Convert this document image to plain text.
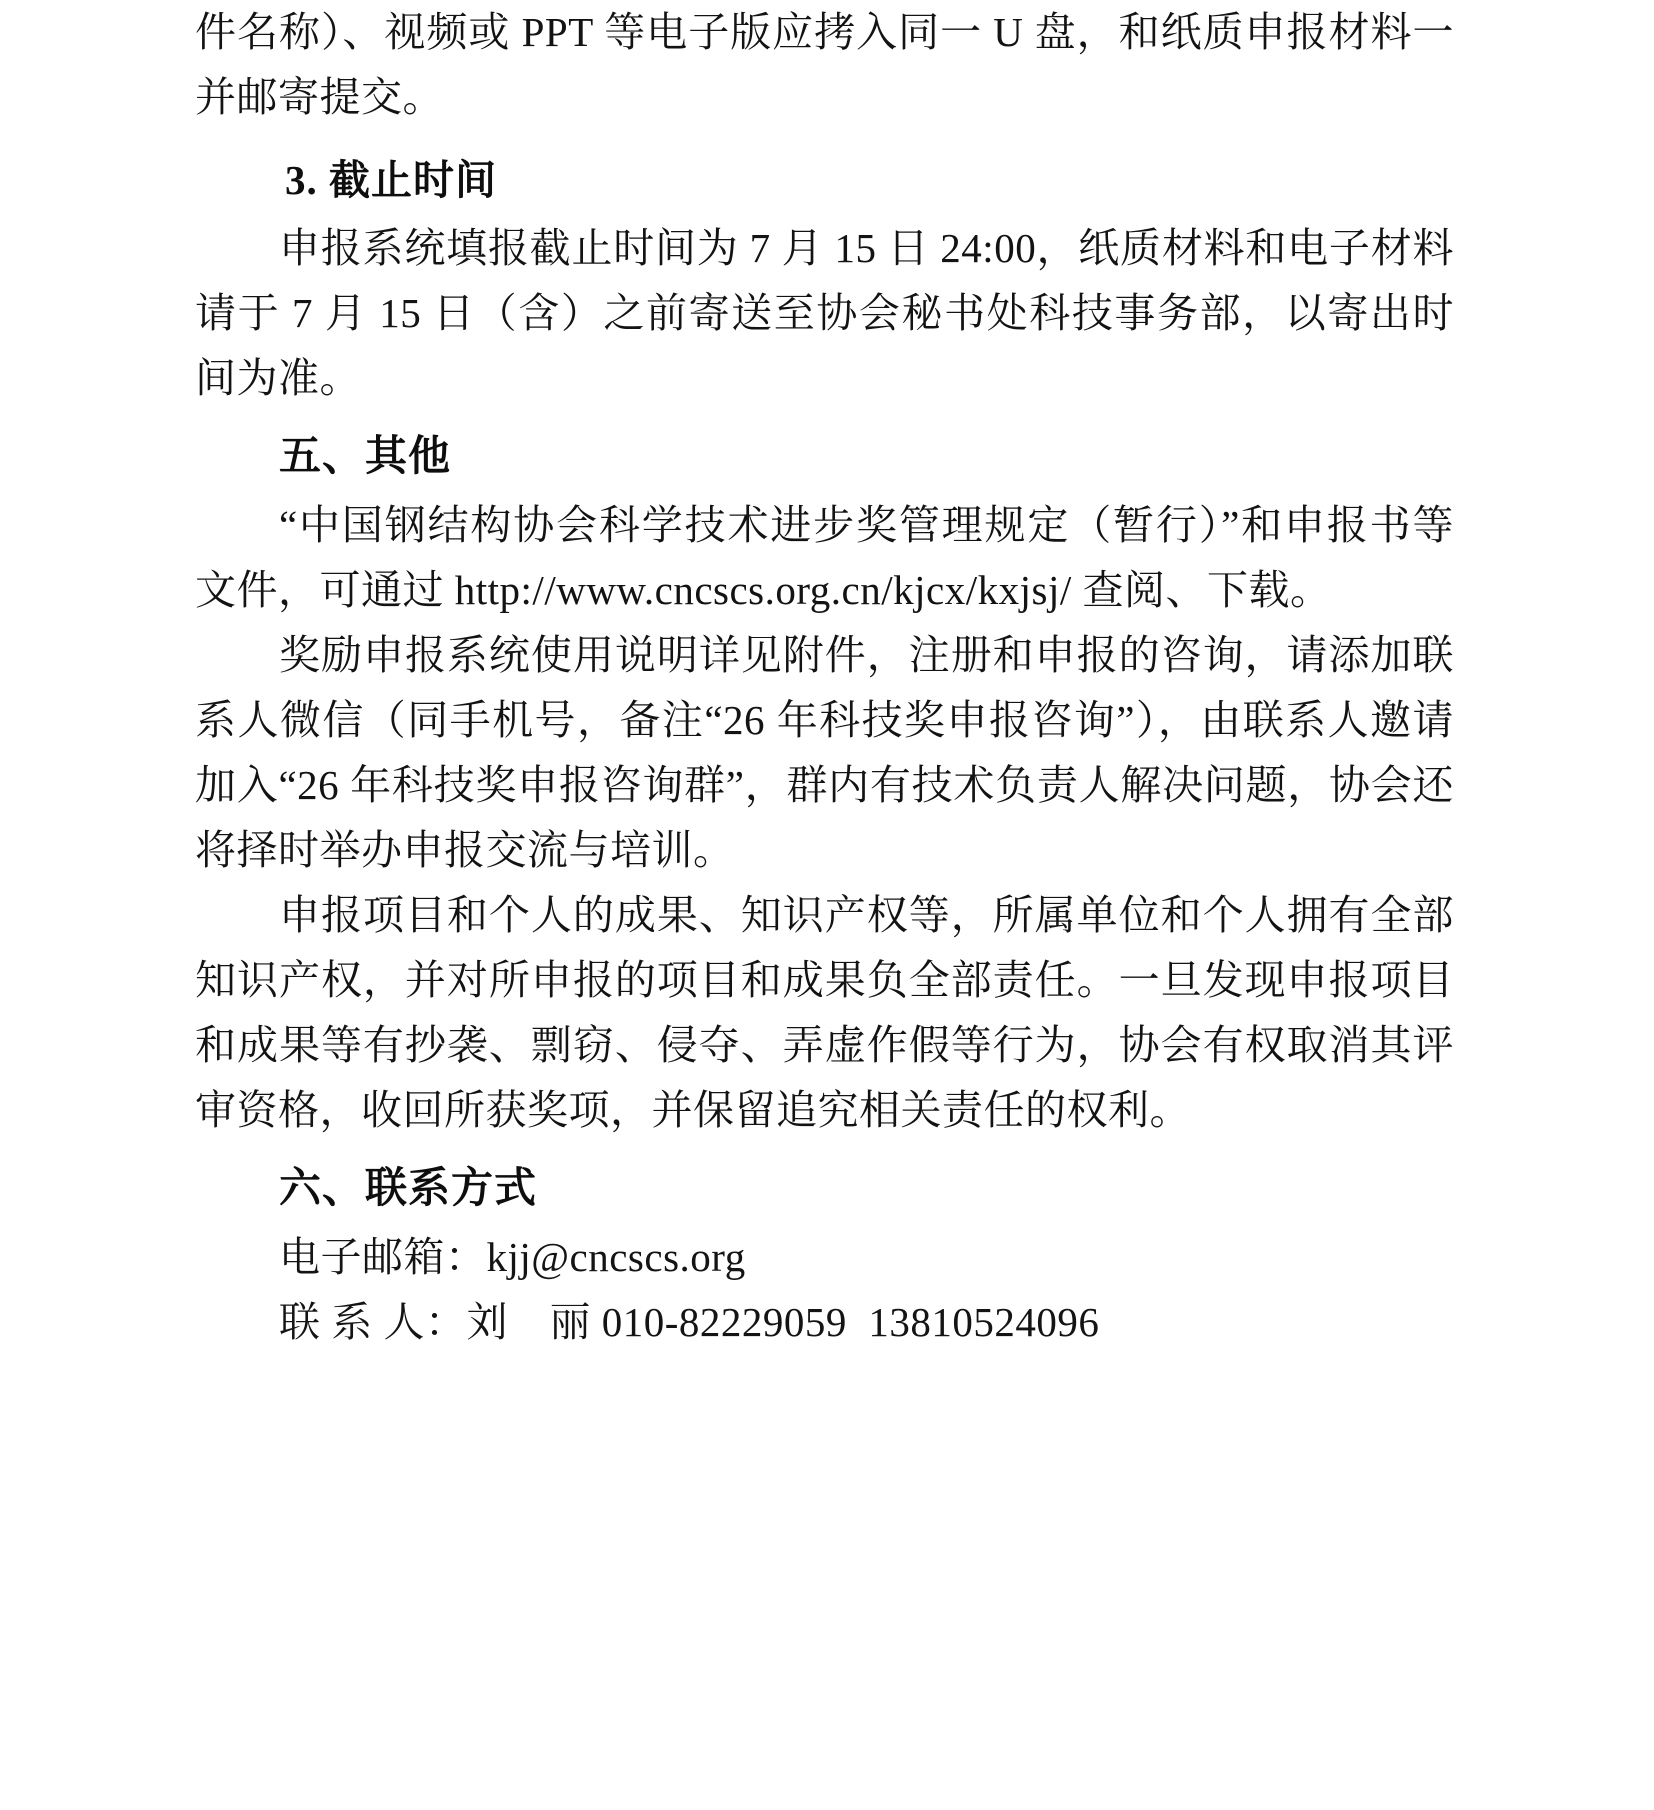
件名称）、视频或 PPT 等电子版应拷入同一 U 盘，和纸质申报材料一并邮寄提交。

3. 截止时间

申报系统填报截止时间为 7 月 15 日 24:00，纸质材料和电子材料请于 7 月 15 日（含）之前寄送至协会秘书处科技事务部，以寄出时间为准。

五、其他

“中国钢结构协会科学技术进步奖管理规定（暂行）”和申报书等文件，可通过 http://www.cncscs.org.cn/kjcx/kxjsj/ 查阅、下载。

奖励申报系统使用说明详见附件，注册和申报的咨询，请添加联系人微信（同手机号，备注“26 年科技奖申报咨询”），由联系人邀请加入“26 年科技奖申报咨询群”，群内有技术负责人解决问题，协会还将择时举办申报交流与培训。

申报项目和个人的成果、知识产权等，所属单位和个人拥有全部知识产权，并对所申报的项目和成果负全部责任。一旦发现申报项目和成果等有抄袭、剽窃、侵夺、弄虚作假等行为，协会有权取消其评审资格，收回所获奖项，并保留追究相关责任的权利。

六、联系方式

电子邮箱：kjj@cncscs.org

联 系 人：刘　丽 010-82229059 13810524096
